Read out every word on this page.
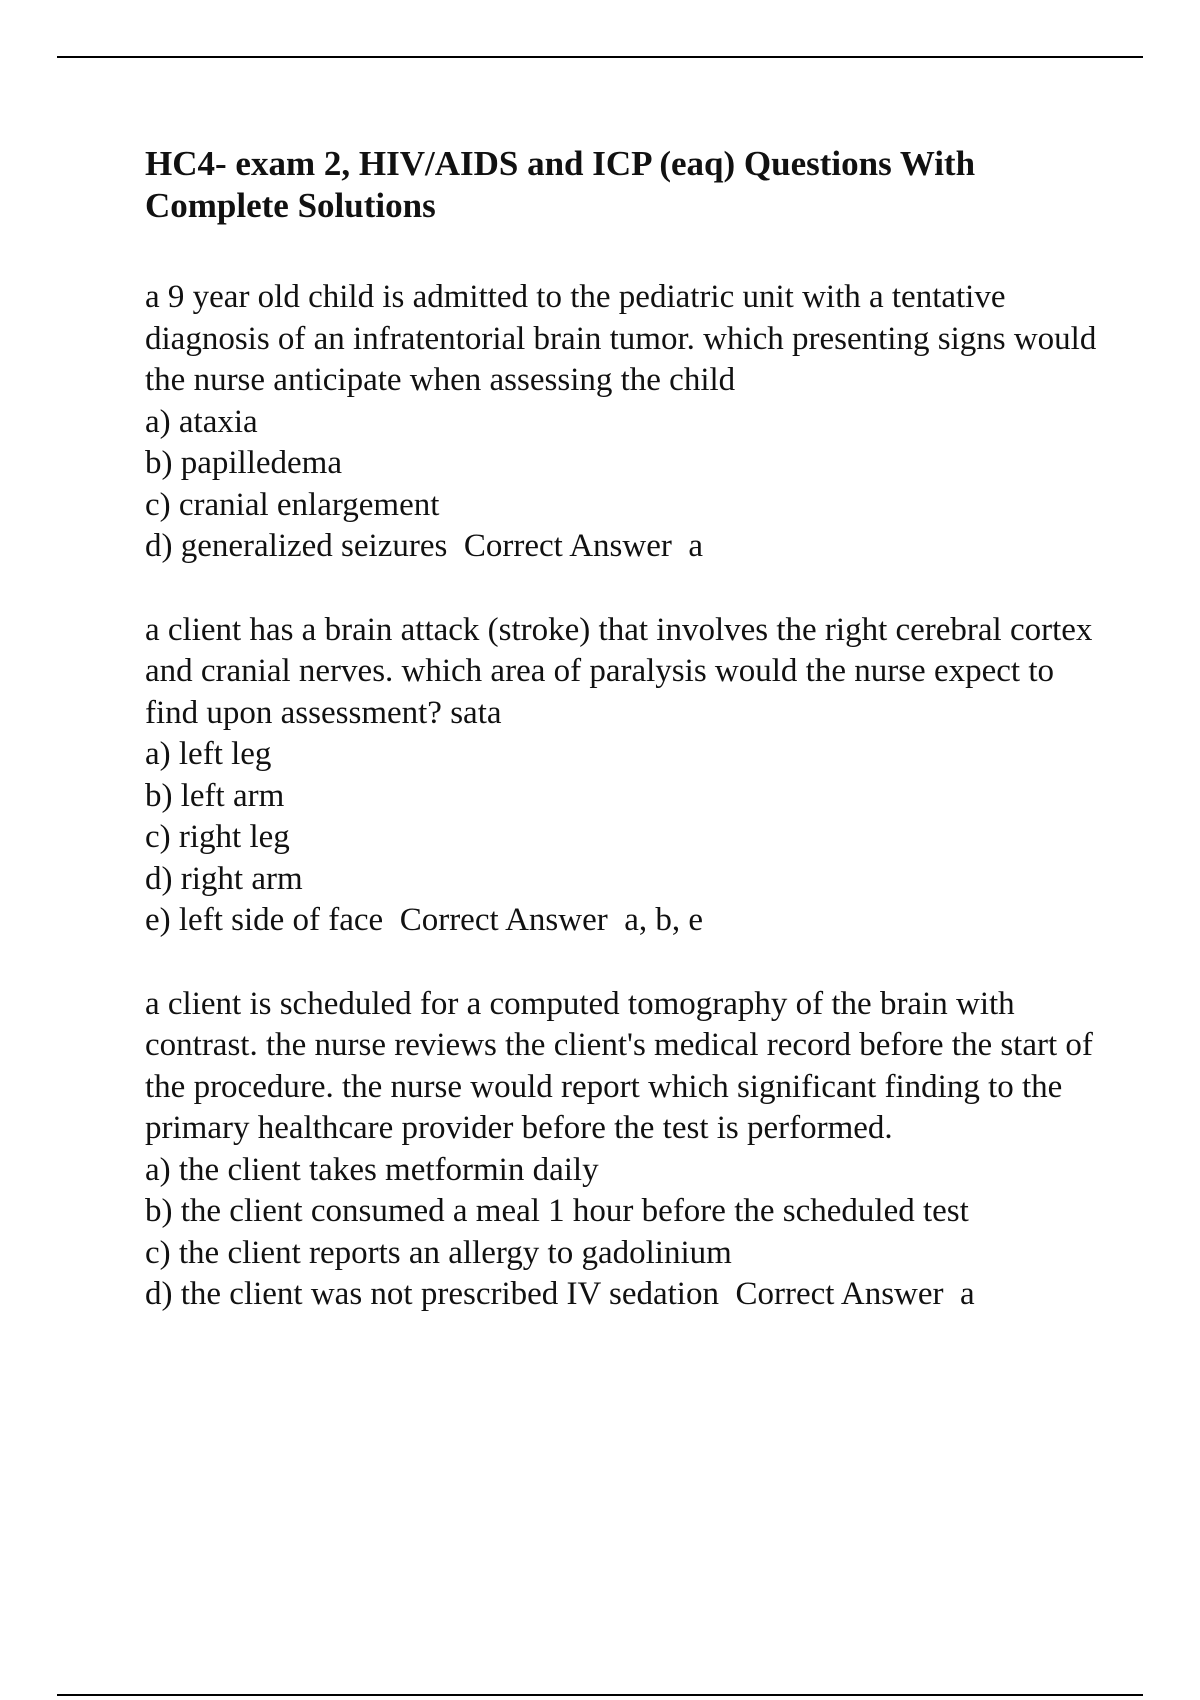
HC4- exam 2, HIV/AIDS and ICP (eaq) Questions With Complete Solutions

a 9 year old child is admitted to the pediatric unit with a tentative diagnosis of an infratentorial brain tumor. which presenting signs would the nurse anticipate when assessing the child

a) ataxia
b) papilledema
c) cranial enlargement
d) generalized seizures  Correct Answer  a

a client has a brain attack (stroke) that involves the right cerebral cortex and cranial nerves. which area of paralysis would the nurse expect to find upon assessment? sata

a) left leg
b) left arm
c) right leg
d) right arm
e) left side of face  Correct Answer  a, b, e

a client is scheduled for a computed tomography of the brain with contrast. the nurse reviews the client's medical record before the start of the procedure. the nurse would report which significant finding to the primary healthcare provider before the test is performed.

a) the client takes metformin daily
b) the client consumed a meal 1 hour before the scheduled test
c) the client reports an allergy to gadolinium
d) the client was not prescribed IV sedation  Correct Answer  a
